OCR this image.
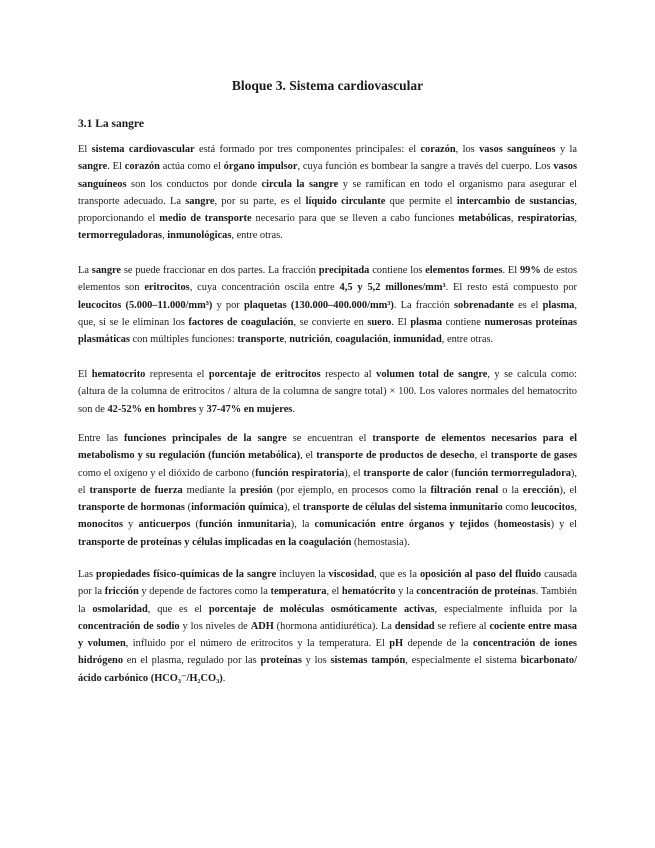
Bloque 3. Sistema cardiovascular
3.1 La sangre

El sistema cardiovascular está formado por tres componentes principales: el corazón, los vasos sanguíneos y la sangre. El corazón actúa como el órgano impulsor, cuya función es bombear la sangre a través del cuerpo. Los vasos sanguíneos son los conductos por donde circula la sangre y se ramifican en todo el organismo para asegurar el transporte adecuado. La sangre, por su parte, es el líquido circulante que permite el intercambio de sustancias, proporcionando el medio de transporte necesario para que se lleven a cabo funciones metabólicas, respiratorias, termorreguladoras, inmunológicas, entre otras.

La sangre se puede fraccionar en dos partes. La fracción precipitada contiene los elementos formes. El 99% de estos elementos son eritrocitos, cuya concentración oscila entre 4,5 y 5,2 millones/mm³. El resto está compuesto por leucocitos (5.000–11.000/mm³) y por plaquetas (130.000–400.000/mm³). La fracción sobrenadante es el plasma, que, si se le eliminan los factores de coagulación, se convierte en suero. El plasma contiene numerosas proteínas plasmáticas con múltiples funciones: transporte, nutrición, coagulación, inmunidad, entre otras.

El hematocrito representa el porcentaje de eritrocitos respecto al volumen total de sangre, y se calcula como: (altura de la columna de eritrocitos / altura de la columna de sangre total) × 100. Los valores normales del hematocrito son de 42-52% en hombres y 37-47% en mujeres.

Entre las funciones principales de la sangre se encuentran el transporte de elementos necesarios para el metabolismo y su regulación (función metabólica), el transporte de productos de desecho, el transporte de gases como el oxígeno y el dióxido de carbono (función respiratoria), el transporte de calor (función termorreguladora), el transporte de fuerza mediante la presión (por ejemplo, en procesos como la filtración renal o la erección), el transporte de hormonas (información química), el transporte de células del sistema inmunitario como leucocitos, monocitos y anticuerpos (función inmunitaria), la comunicación entre órganos y tejidos (homeostasis) y el transporte de proteínas y células implicadas en la coagulación (hemostasia).

Las propiedades físico-químicas de la sangre incluyen la viscosidad, que es la oposición al paso del fluido causada por la fricción y depende de factores como la temperatura, el hematócrito y la concentración de proteínas. También la osmolaridad, que es el porcentaje de moléculas osmóticamente activas, especialmente influida por la concentración de sodio y los niveles de ADH (hormona antidiurética). La densidad se refiere al cociente entre masa y volumen, influido por el número de eritrocitos y la temperatura. El pH depende de la concentración de iones hidrógeno en el plasma, regulado por las proteínas y los sistemas tampón, especialmente el sistema bicarbonato/ácido carbónico (HCO₃⁻/H₂CO₃).
